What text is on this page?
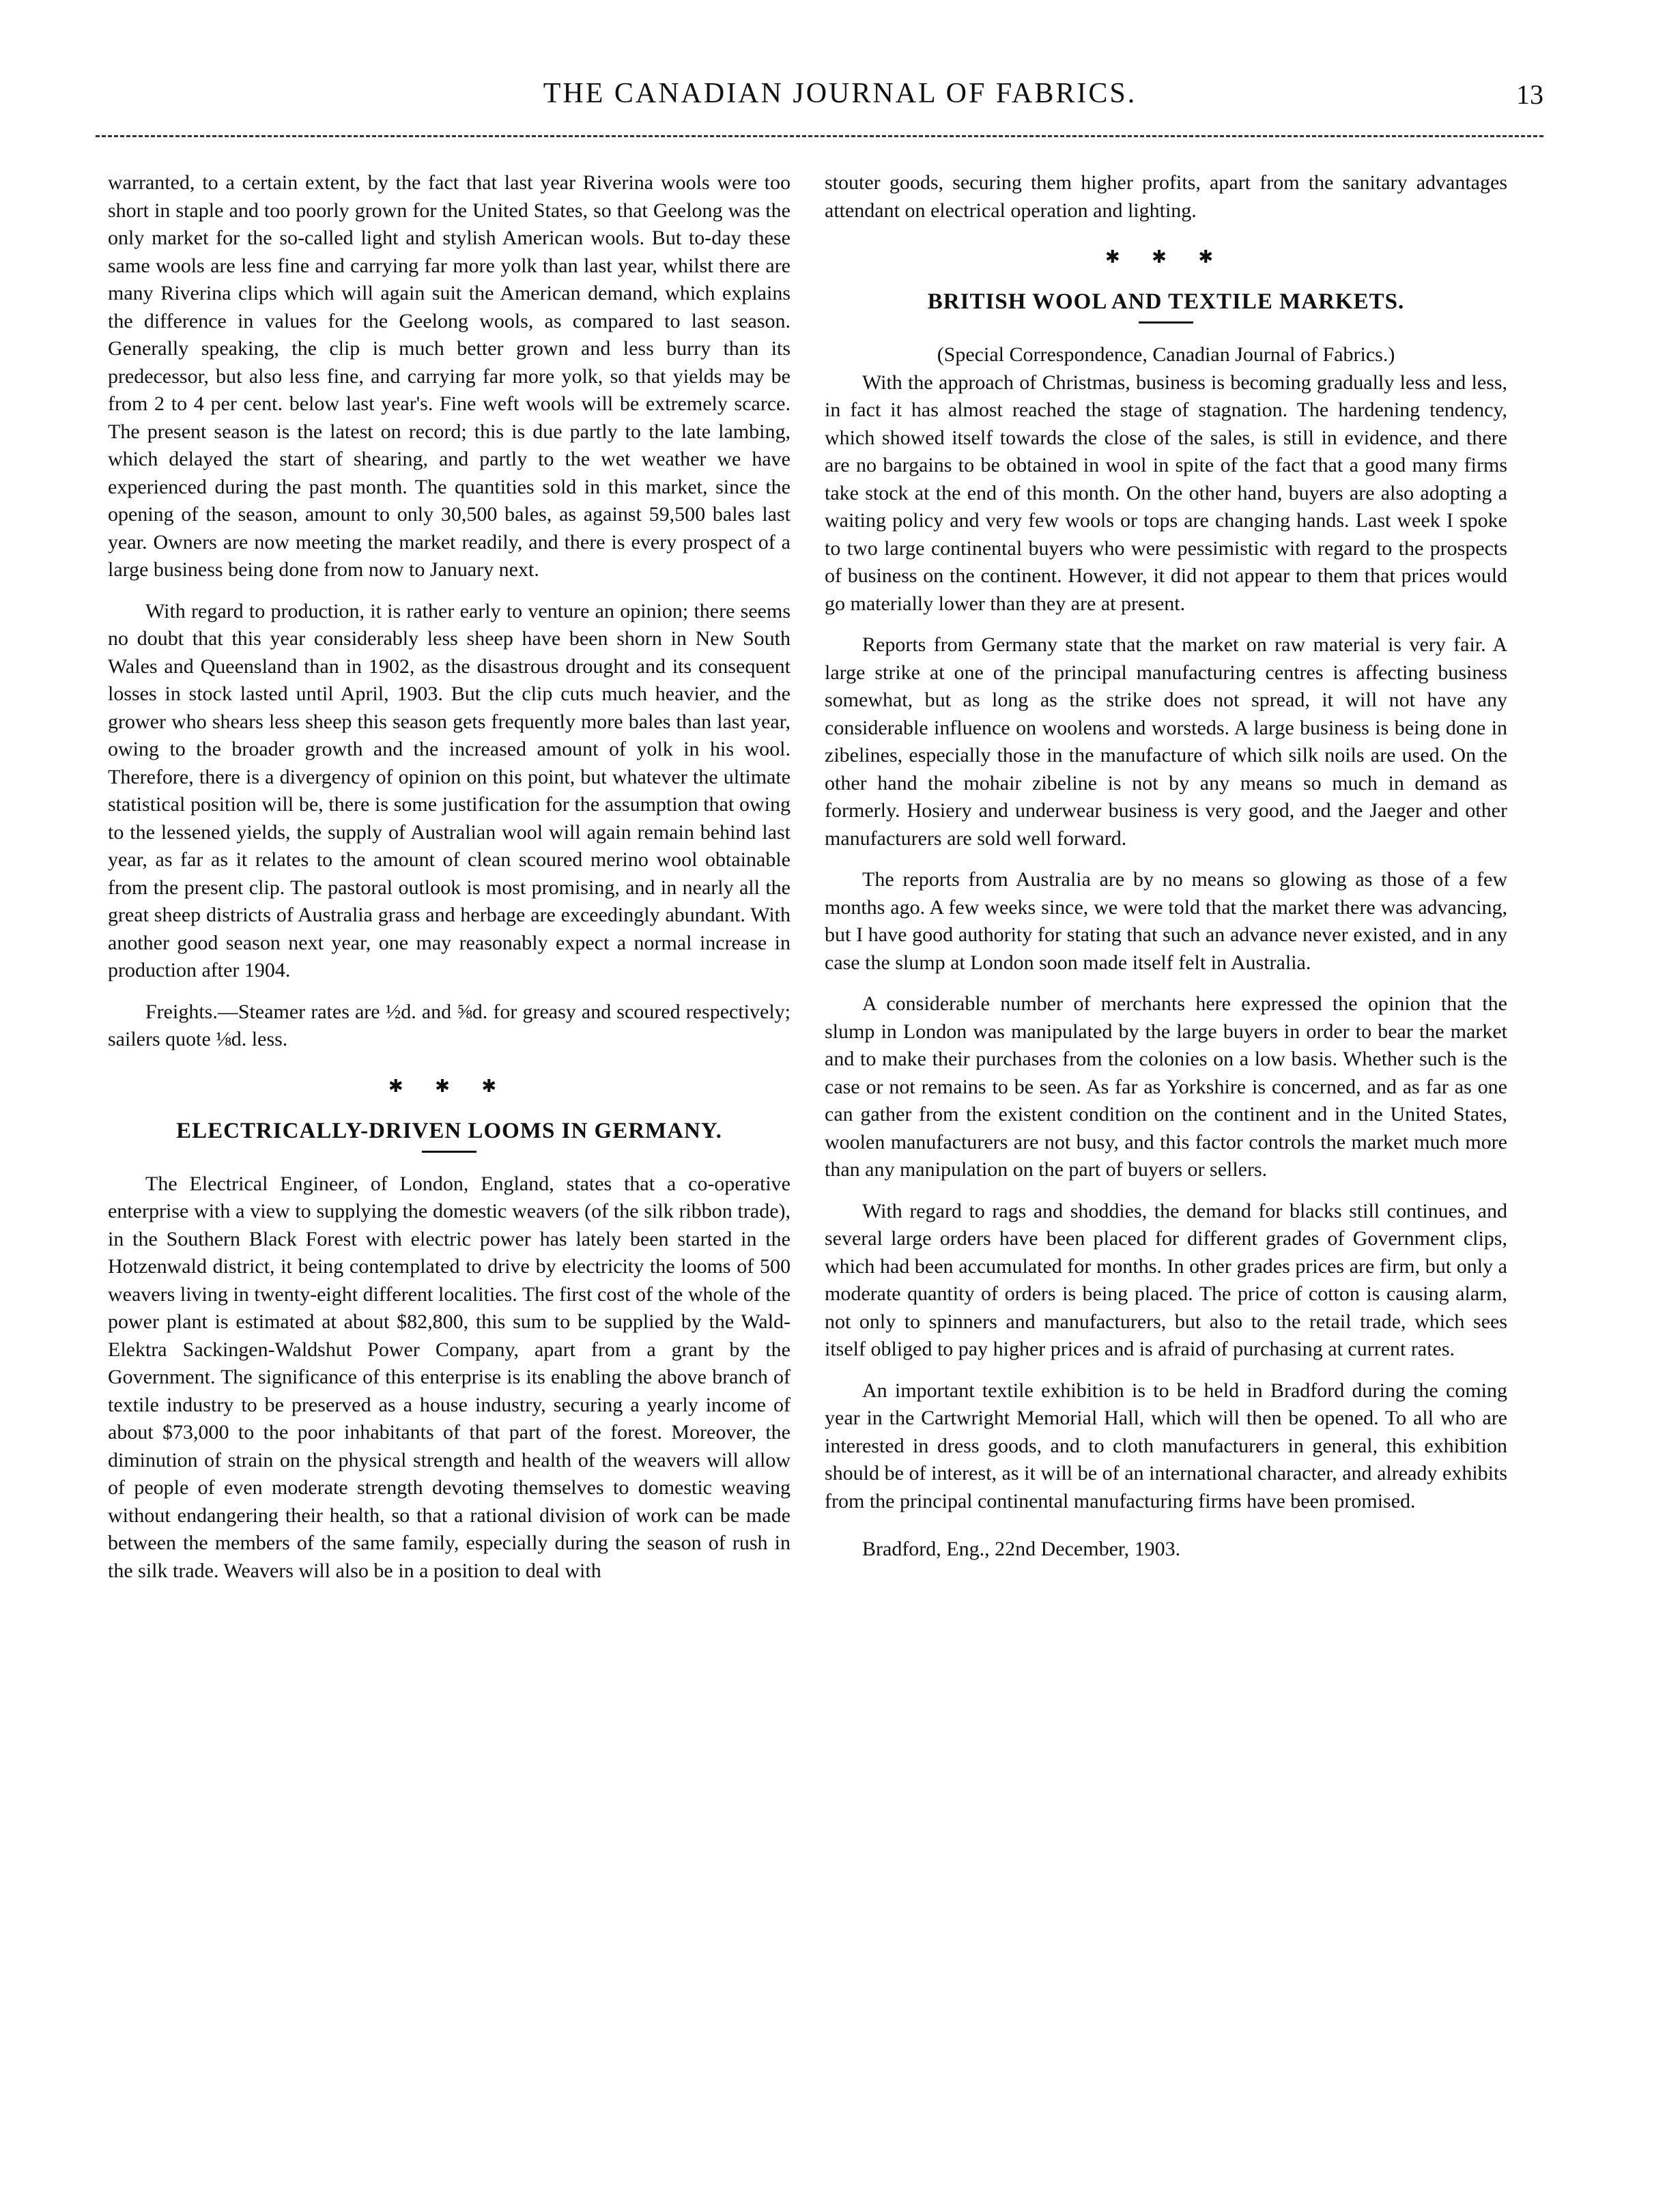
THE CANADIAN JOURNAL OF FABRICS.	13

warranted, to a certain extent, by the fact that last year Riverina wools were too short in staple and too poorly grown for the United States, so that Geelong was the only market for the so-called light and stylish American wools. But to-day these same wools are less fine and carrying far more yolk than last year, whilst there are many Riverina clips which will again suit the American demand, which explains the difference in values for the Geelong wools, as compared to last season. Generally speaking, the clip is much better grown and less burry than its predecessor, but also less fine, and carrying far more yolk, so that yields may be from 2 to 4 per cent. below last year's. Fine weft wools will be extremely scarce. The present season is the latest on record; this is due partly to the late lambing, which delayed the start of shearing, and partly to the wet weather we have experienced during the past month. The quantities sold in this market, since the opening of the season, amount to only 30,500 bales, as against 59,500 bales last year. Owners are now meeting the market readily, and there is every prospect of a large business being done from now to January next.

With regard to production, it is rather early to venture an opinion; there seems no doubt that this year considerably less sheep have been shorn in New South Wales and Queensland than in 1902, as the disastrous drought and its consequent losses in stock lasted until April, 1903. But the clip cuts much heavier, and the grower who shears less sheep this season gets frequently more bales than last year, owing to the broader growth and the increased amount of yolk in his wool. Therefore, there is a divergency of opinion on this point, but whatever the ultimate statistical position will be, there is some justification for the assumption that owing to the lessened yields, the supply of Australian wool will again remain behind last year, as far as it relates to the amount of clean scoured merino wool obtainable from the present clip. The pastoral outlook is most promising, and in nearly all the great sheep districts of Australia grass and herbage are exceedingly abundant. With another good season next year, one may reasonably expect a normal increase in production after 1904.

Freights.—Steamer rates are ½d. and ⅝d. for greasy and scoured respectively; sailers quote ⅛d. less.

✱ ✱ ✱
ELECTRICALLY-DRIVEN LOOMS IN GERMANY.

The Electrical Engineer, of London, England, states that a co-operative enterprise with a view to supplying the domestic weavers (of the silk ribbon trade), in the Southern Black Forest with electric power has lately been started in the Hotzenwald district, it being contemplated to drive by electricity the looms of 500 weavers living in twenty-eight different localities. The first cost of the whole of the power plant is estimated at about $82,800, this sum to be supplied by the Wald-Elektra Sackingen-Waldshut Power Company, apart from a grant by the Government. The significance of this enterprise is its enabling the above branch of textile industry to be preserved as a house industry, securing a yearly income of about $73,000 to the poor inhabitants of that part of the forest. Moreover, the diminution of strain on the physical strength and health of the weavers will allow of people of even moderate strength devoting themselves to domestic weaving without endangering their health, so that a rational division of work can be made between the members of the same family, especially during the season of rush in the silk trade. Weavers will also be in a position to deal with

stouter goods, securing them higher profits, apart from the sanitary advantages attendant on electrical operation and lighting.

✱ ✱ ✱
BRITISH WOOL AND TEXTILE MARKETS.

(Special Correspondence, Canadian Journal of Fabrics.)

With the approach of Christmas, business is becoming gradually less and less, in fact it has almost reached the stage of stagnation. The hardening tendency, which showed itself towards the close of the sales, is still in evidence, and there are no bargains to be obtained in wool in spite of the fact that a good many firms take stock at the end of this month. On the other hand, buyers are also adopting a waiting policy and very few wools or tops are changing hands. Last week I spoke to two large continental buyers who were pessimistic with regard to the prospects of business on the continent. However, it did not appear to them that prices would go materially lower than they are at present.

Reports from Germany state that the market on raw material is very fair. A large strike at one of the principal manufacturing centres is affecting business somewhat, but as long as the strike does not spread, it will not have any considerable influence on woolens and worsteds. A large business is being done in zibelines, especially those in the manufacture of which silk noils are used. On the other hand the mohair zibeline is not by any means so much in demand as formerly. Hosiery and underwear business is very good, and the Jaeger and other manufacturers are sold well forward.

The reports from Australia are by no means so glowing as those of a few months ago. A few weeks since, we were told that the market there was advancing, but I have good authority for stating that such an advance never existed, and in any case the slump at London soon made itself felt in Australia.

A considerable number of merchants here expressed the opinion that the slump in London was manipulated by the large buyers in order to bear the market and to make their purchases from the colonies on a low basis. Whether such is the case or not remains to be seen. As far as Yorkshire is concerned, and as far as one can gather from the existent condition on the continent and in the United States, woolen manufacturers are not busy, and this factor controls the market much more than any manipulation on the part of buyers or sellers.

With regard to rags and shoddies, the demand for blacks still continues, and several large orders have been placed for different grades of Government clips, which had been accumulated for months. In other grades prices are firm, but only a moderate quantity of orders is being placed. The price of cotton is causing alarm, not only to spinners and manufacturers, but also to the retail trade, which sees itself obliged to pay higher prices and is afraid of purchasing at current rates.

An important textile exhibition is to be held in Bradford during the coming year in the Cartwright Memorial Hall, which will then be opened. To all who are interested in dress goods, and to cloth manufacturers in general, this exhibition should be of interest, as it will be of an international character, and already exhibits from the principal continental manufacturing firms have been promised.

Bradford, Eng., 22nd December, 1903.
